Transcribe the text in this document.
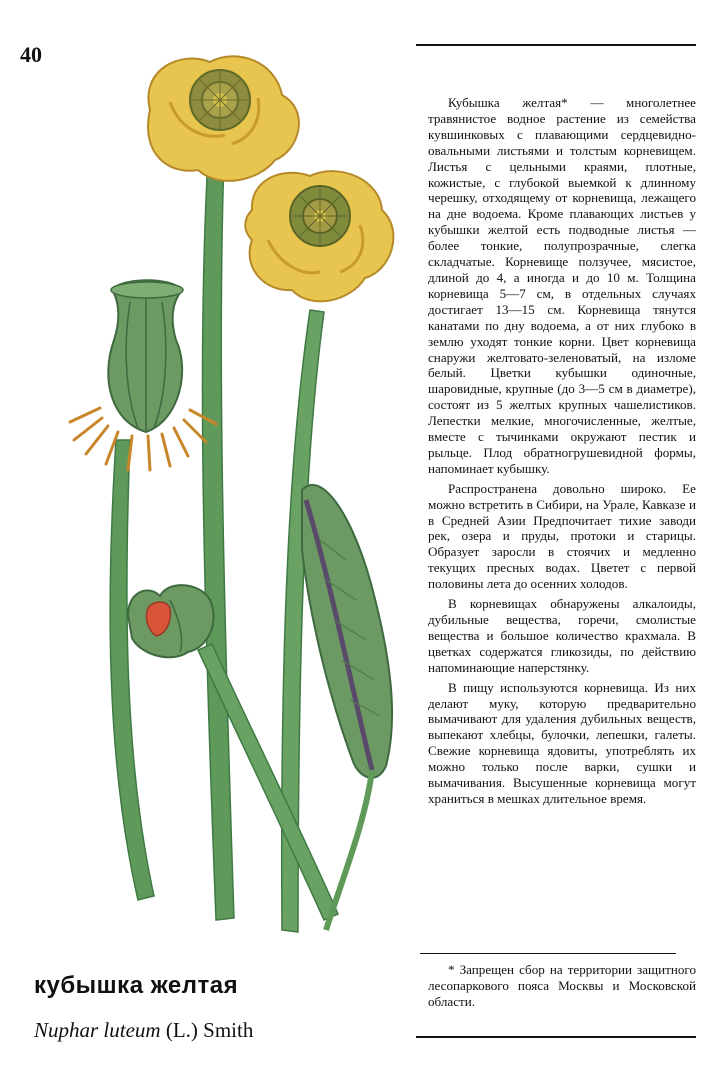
40

Кубышка желтая* — многолетнее травянистое водное растение из семейства кувшинковых с плавающими сердцевидно-овальными листьями и толстым корневищем. Листья с цельными краями, плотные, кожистые, с глубокой выемкой к длинному черешку, отходящему от корневища, лежащего на дне водоема. Кроме плавающих листьев у кубышки желтой есть подводные листья — более тонкие, полупрозрачные, слегка складчатые. Корневище ползучее, мясистое, длиной до 4, а иногда и до 10 м. Толщина корневища 5—7 см, в отдельных случаях достигает 13—15 см. Корневища тянутся канатами по дну водоема, а от них глубоко в землю уходят тонкие корни. Цвет корневища снаружи желтовато-зеленоватый, на изломе белый. Цветки кубышки одиночные, шаровидные, крупные (до 3—5 см в диаметре), состоят из 5 желтых крупных чашелистиков. Лепестки мелкие, многочисленные, желтые, вместе с тычинками окружают пестик и рыльце. Плод обратногрушевидной формы, напоминает кубышку.

Распространена довольно широко. Ее можно встретить в Сибири, на Урале, Кавказе и в Средней Азии Предпочитает тихие заводи рек, озера и пруды, протоки и старицы. Образует заросли в стоячих и медленно текущих пресных водах. Цветет с первой половины лета до осенних холодов.

В корневищах обнаружены алкалоиды, дубильные вещества, горечи, смолистые вещества и большое количество крахмала. В цветках содержатся гликозиды, по действию напоминающие наперстянку.

В пищу используются корневища. Из них делают муку, которую предварительно вымачивают для удаления дубильных веществ, выпекают хлебцы, булочки, лепешки, галеты. Свежие корневища ядовиты, употреблять их можно только после варки, сушки и вымачивания. Высушенные корневища могут храниться в мешках длительное время.

* Запрещен сбор на территории защитного лесопаркового пояса Москвы и Московской области.

кубышка желтая
Nuphar luteum (L.) Smith
